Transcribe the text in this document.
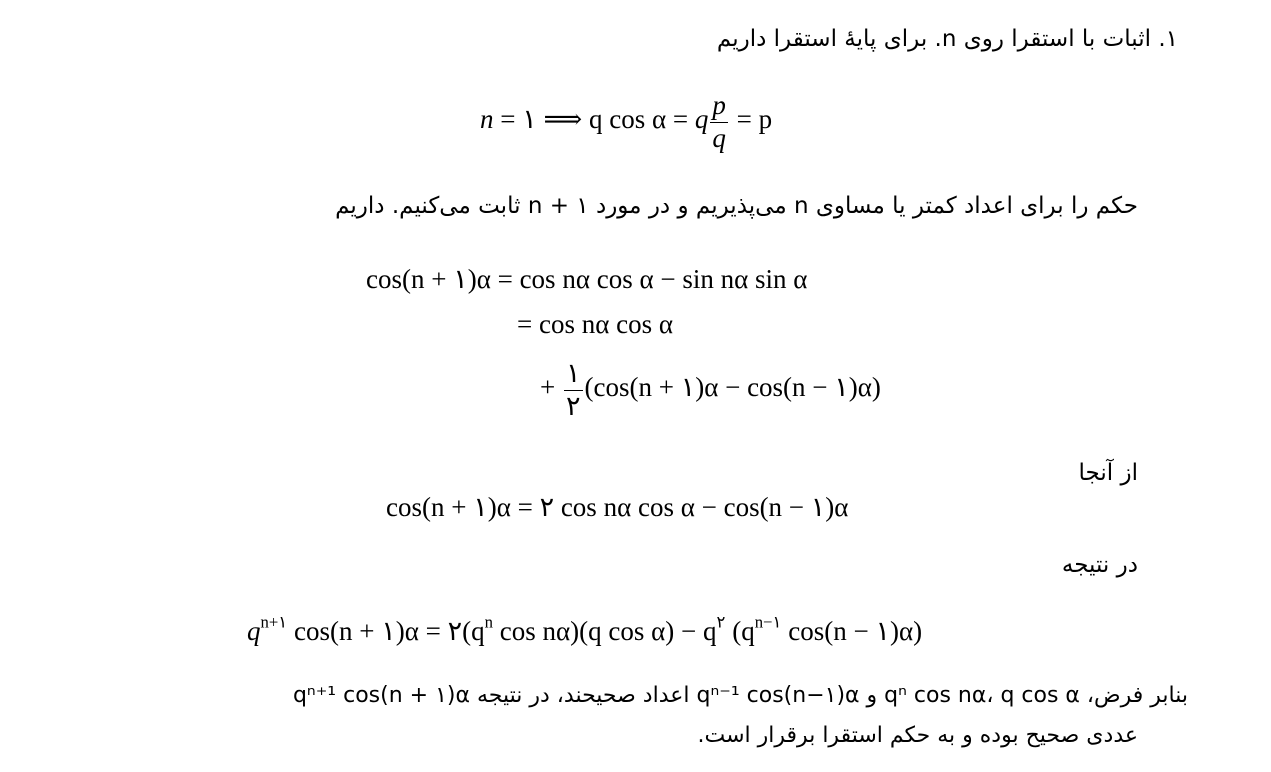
۱. اثبات با استقرا روی n. برای پایهٔ استقرا داریم
n = ۱ ⟹ q cos α = q $\frac{p}{q} = p$
حکم را برای اعداد کمتر یا مساوی n می‌پذیریم و در مورد n + ۱ ثابت می‌کنیم. داریم
cos(n + ۱)α = cos nα cos α − sin nα sin α
= cos nα cos α
+ $\frac{۱}{۲} (\cos(n$ + ۱)α − cos(n − ۱)α)
از آنجا
cos(n + ۱)α = ۲ cos nα cos α − cos(n − ۱)α
در نتیجه
$q^{n+۱}$ cos(n + ۱)α = $۲(q^n$ cos nα)(q $\cos \alpha) - q^۲$ ($q^{n-۱}$ cos(n − ۱)α)
بنابر فرض، qⁿ cos nα، q cos α و qⁿ⁻¹ cos(n−۱)α اعداد صحیحند، در نتیجه qⁿ⁺¹ cos(n + ۱)α
عددی صحیح بوده و به حکم استقرا برقرار است.
